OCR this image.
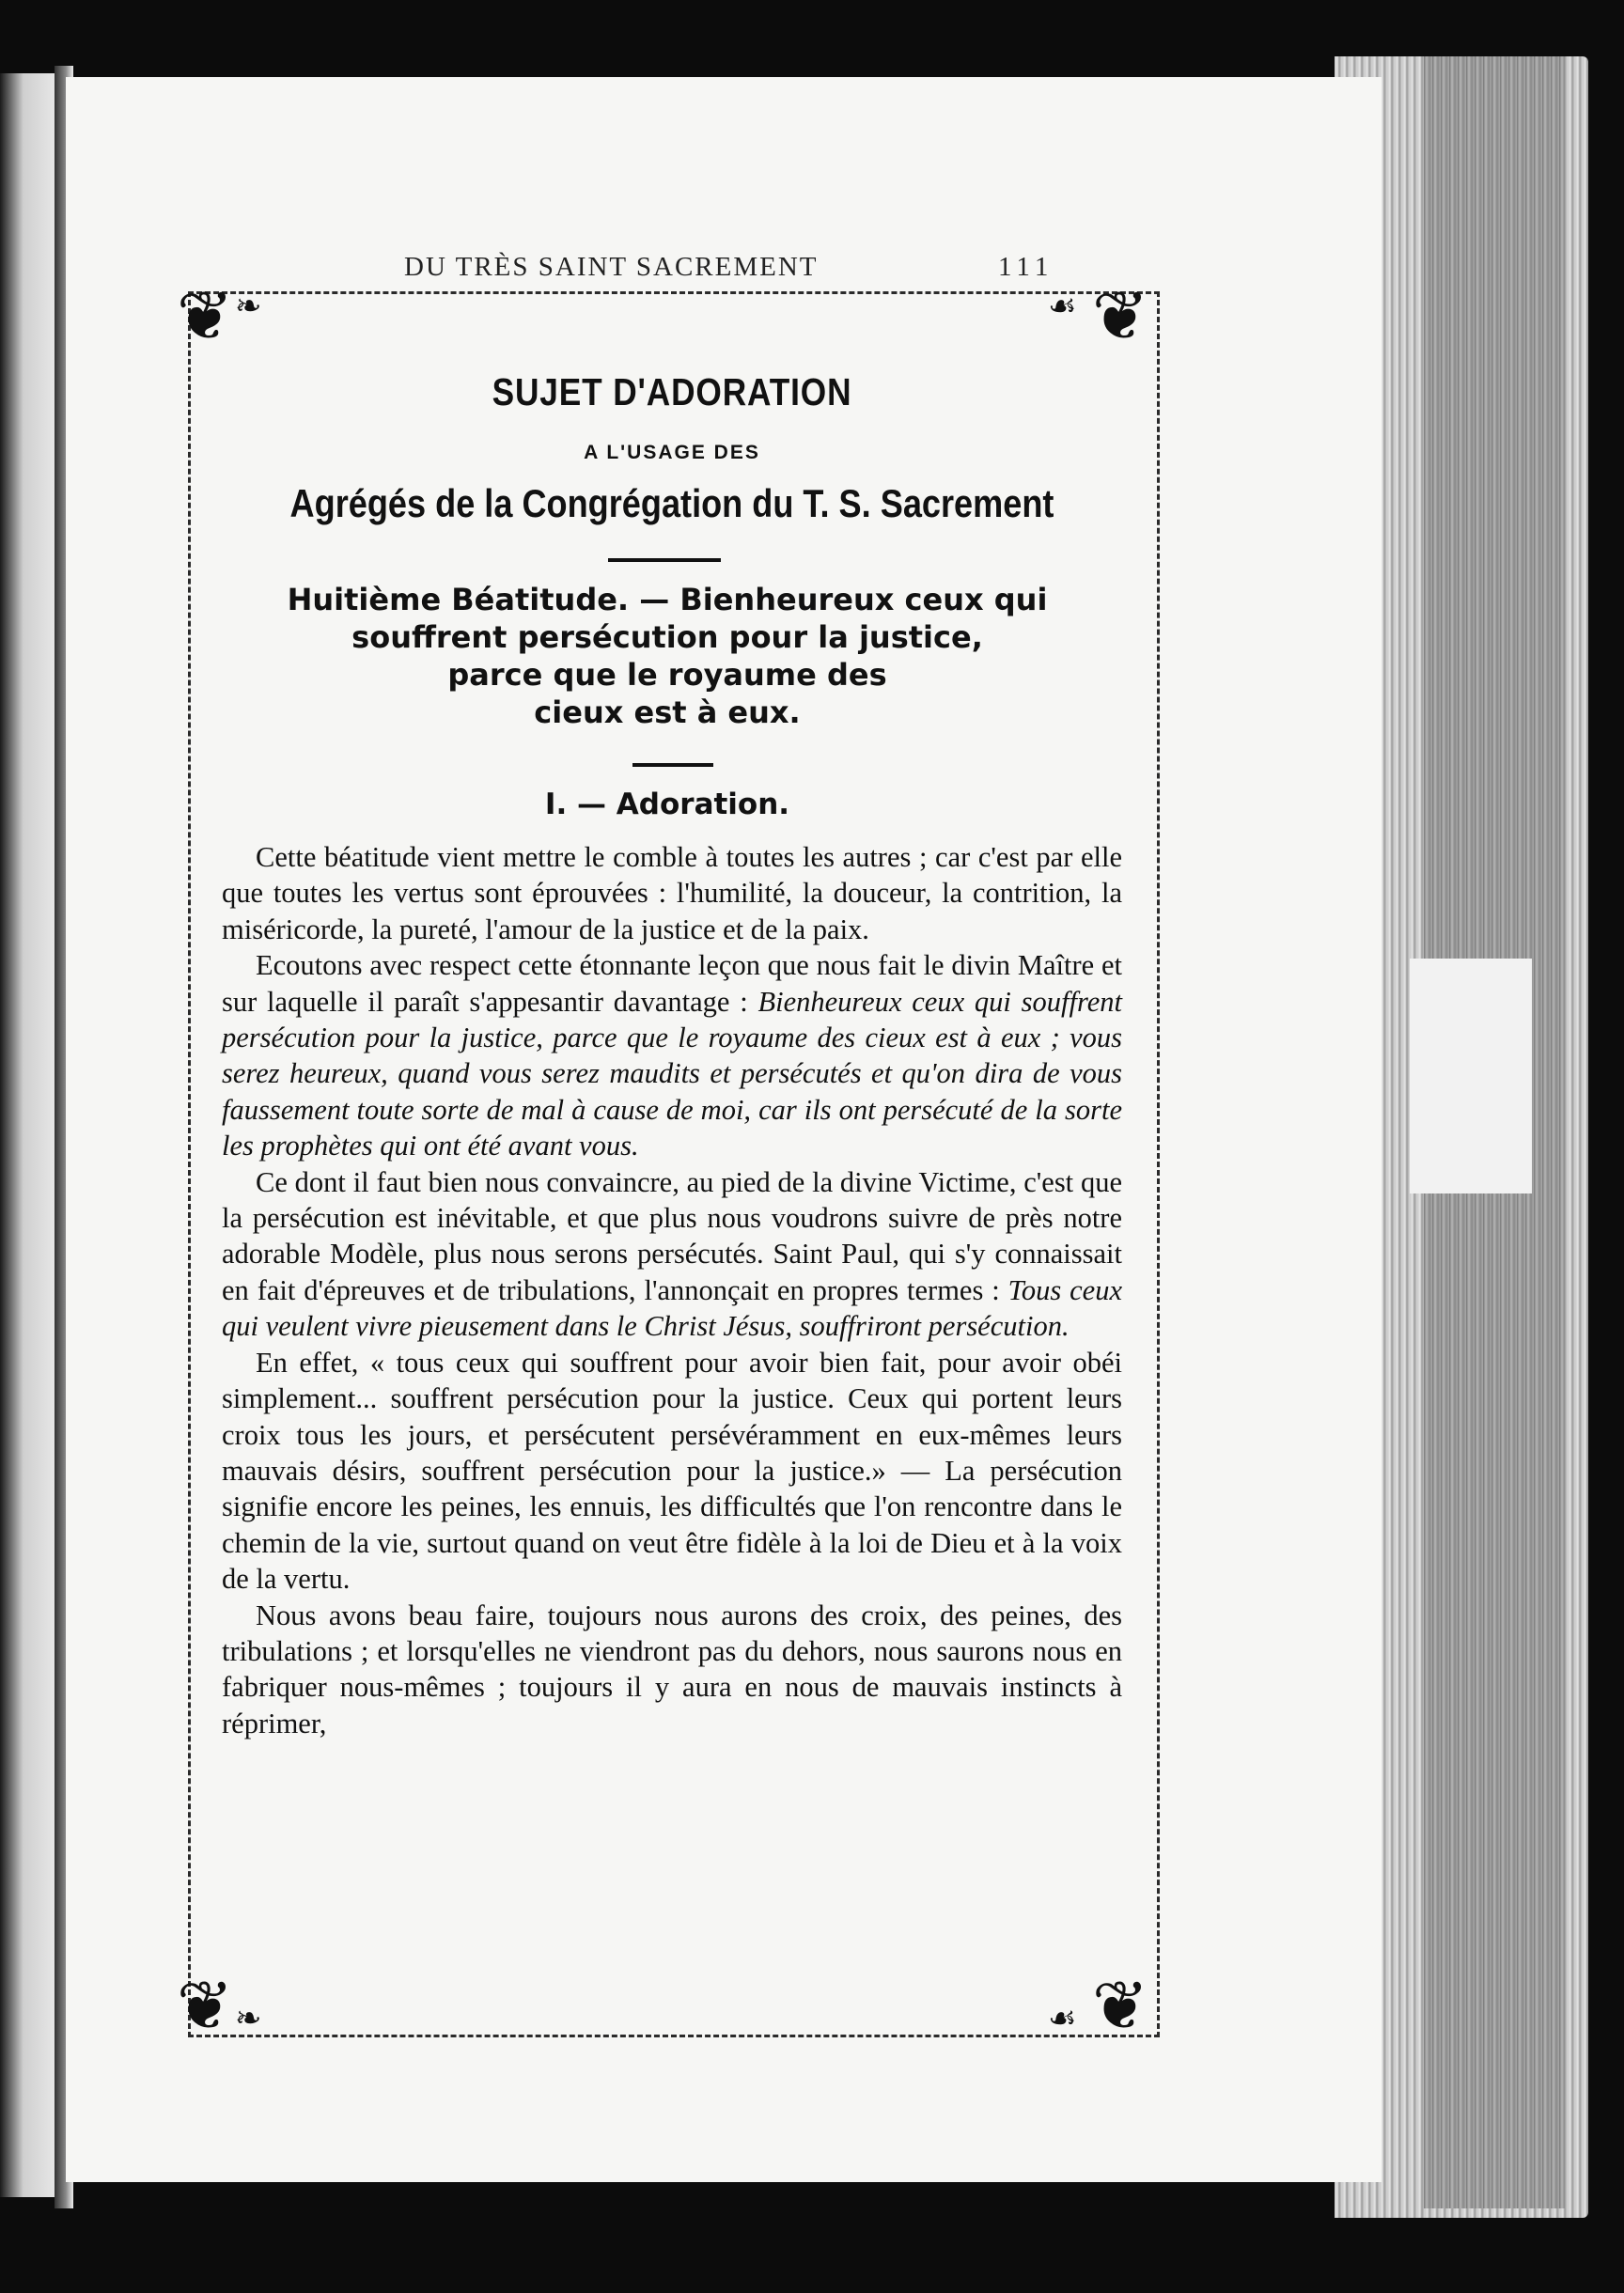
DU TRÈS SAINT SACREMENT	111
❦	❦
❦	❦
❧	☙
❧	☙
SUJET D'ADORATION
A L'USAGE DES
Agrégés de la Congrégation du T. S. Sacrement
Huitième Béatitude. — Bienheureux ceux qui
souffrent persécution pour la justice,
parce que le royaume des
cieux est à eux.
I. — Adoration.

Cette béatitude vient mettre le comble à toutes les autres ; car c'est par elle que toutes les vertus sont éprouvées : l'humilité, la douceur, la contrition, la miséricorde, la pureté, l'amour de la justice et de la paix.

Ecoutons avec respect cette étonnante leçon que nous fait le divin Maître et sur laquelle il paraît s'appesantir davantage : Bienheureux ceux qui souffrent persécution pour la justice, parce que le royaume des cieux est à eux ; vous serez heureux, quand vous serez maudits et persécutés et qu'on dira de vous faussement toute sorte de mal à cause de moi, car ils ont persécuté de la sorte les prophètes qui ont été avant vous.

Ce dont il faut bien nous convaincre, au pied de la divine Victime, c'est que la persécution est inévitable, et que plus nous voudrons suivre de près notre adorable Modèle, plus nous serons persécutés. Saint Paul, qui s'y connaissait en fait d'épreuves et de tribulations, l'annonçait en propres termes : Tous ceux qui veulent vivre pieusement dans le Christ Jésus, souffriront persécution.

En effet, « tous ceux qui souffrent pour avoir bien fait, pour avoir obéi simplement... souffrent persécution pour la justice. Ceux qui portent leurs croix tous les jours, et persécutent persévéramment en eux-mêmes leurs mauvais désirs, souffrent persécution pour la justice.» — La persécution signifie encore les peines, les ennuis, les difficultés que l'on rencontre dans le chemin de la vie, surtout quand on veut être fidèle à la loi de Dieu et à la voix de la vertu.

Nous avons beau faire, toujours nous aurons des croix, des peines, des tribulations ; et lorsqu'elles ne viendront pas du dehors, nous saurons nous en fabriquer nous-mêmes ; toujours il y aura en nous de mauvais instincts à réprimer,
